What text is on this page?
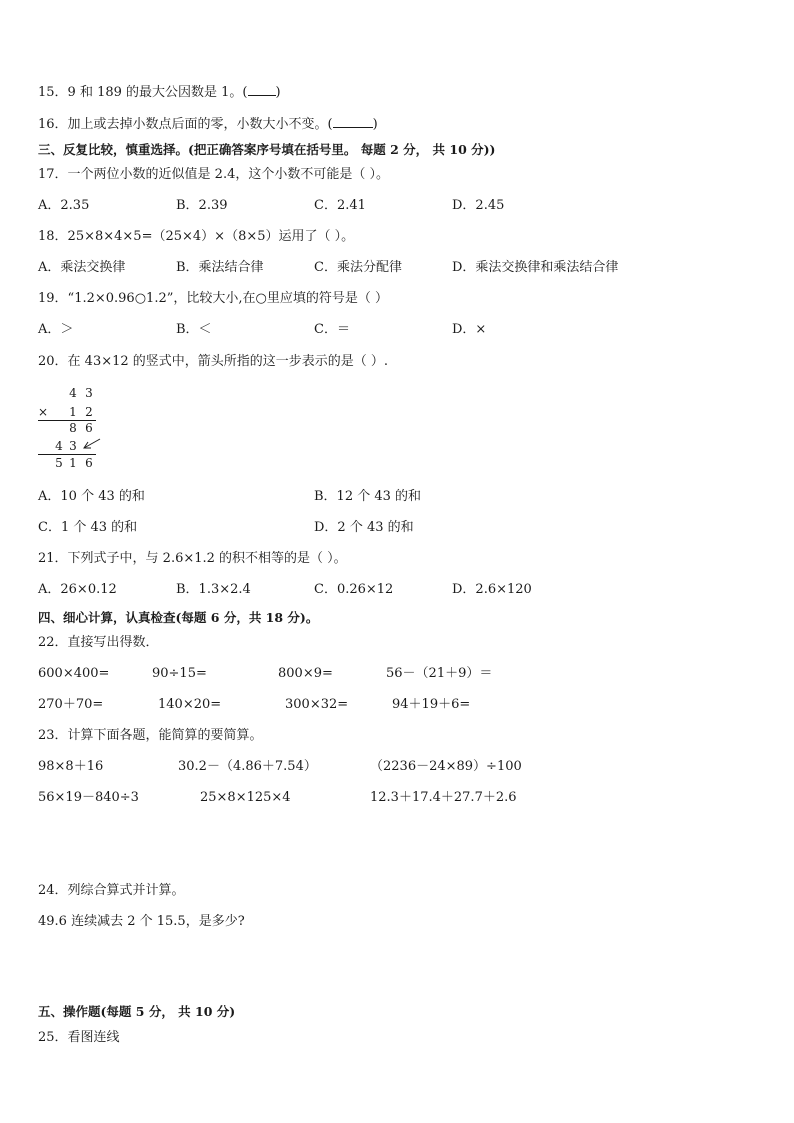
15．9 和 189 的最大公因数是 1。( )
16．加上或去掉小数点后面的零，小数大小不变。(	)
三、反复比较，慎重选择。(把正确答案序号填在括号里。 每题 2 分， 共 10 分))
17．一个两位小数的近似值是 2.4，这个小数不可能是（ ）。
A．2.35	B．2.39	C．2.41	D．2.45
18．25×8×4×5=（25×4）×（8×5）运用了（ ）。
A．乘法交换律	B．乘法结合律	C．乘法分配律	D．乘法交换律和乘法结合律
19．“1.2×0.96○1.2”，比较大小,在○里应填的符号是（ ）
A．＞	B．＜	C．＝	D．×
20．在 43×12 的竖式中，箭头所指的这一步表示的是（ ）.
4 3
× 1 2
8 6
4 3
5 1 6
A．10 个 43 的和	B．12 个 43 的和
C．1 个 43 的和	D．2 个 43 的和
21．下列式子中，与 2.6×1.2 的积不相等的是（ ）。
A．26×0.12	B．1.3×2.4	C．0.26×12	D．2.6×120
四、细心计算，认真检查(每题 6 分，共 18 分)。
22．直接写出得数．
600×400=	90÷15=	800×9=	56－（21＋9）＝
270＋70=	140×20=	300×32=	94＋19＋6=
23．计算下面各题，能简算的要简算。
98×8＋16	30.2－（4.86＋7.54）	（2236－24×89）÷100
56×19－840÷3	25×8×125×4	12.3＋17.4＋27.7＋2.6
24．列综合算式并计算。
49.6 连续减去 2 个 15.5，是多少?
五、操作题(每题 5 分， 共 10 分)
25．看图连线
